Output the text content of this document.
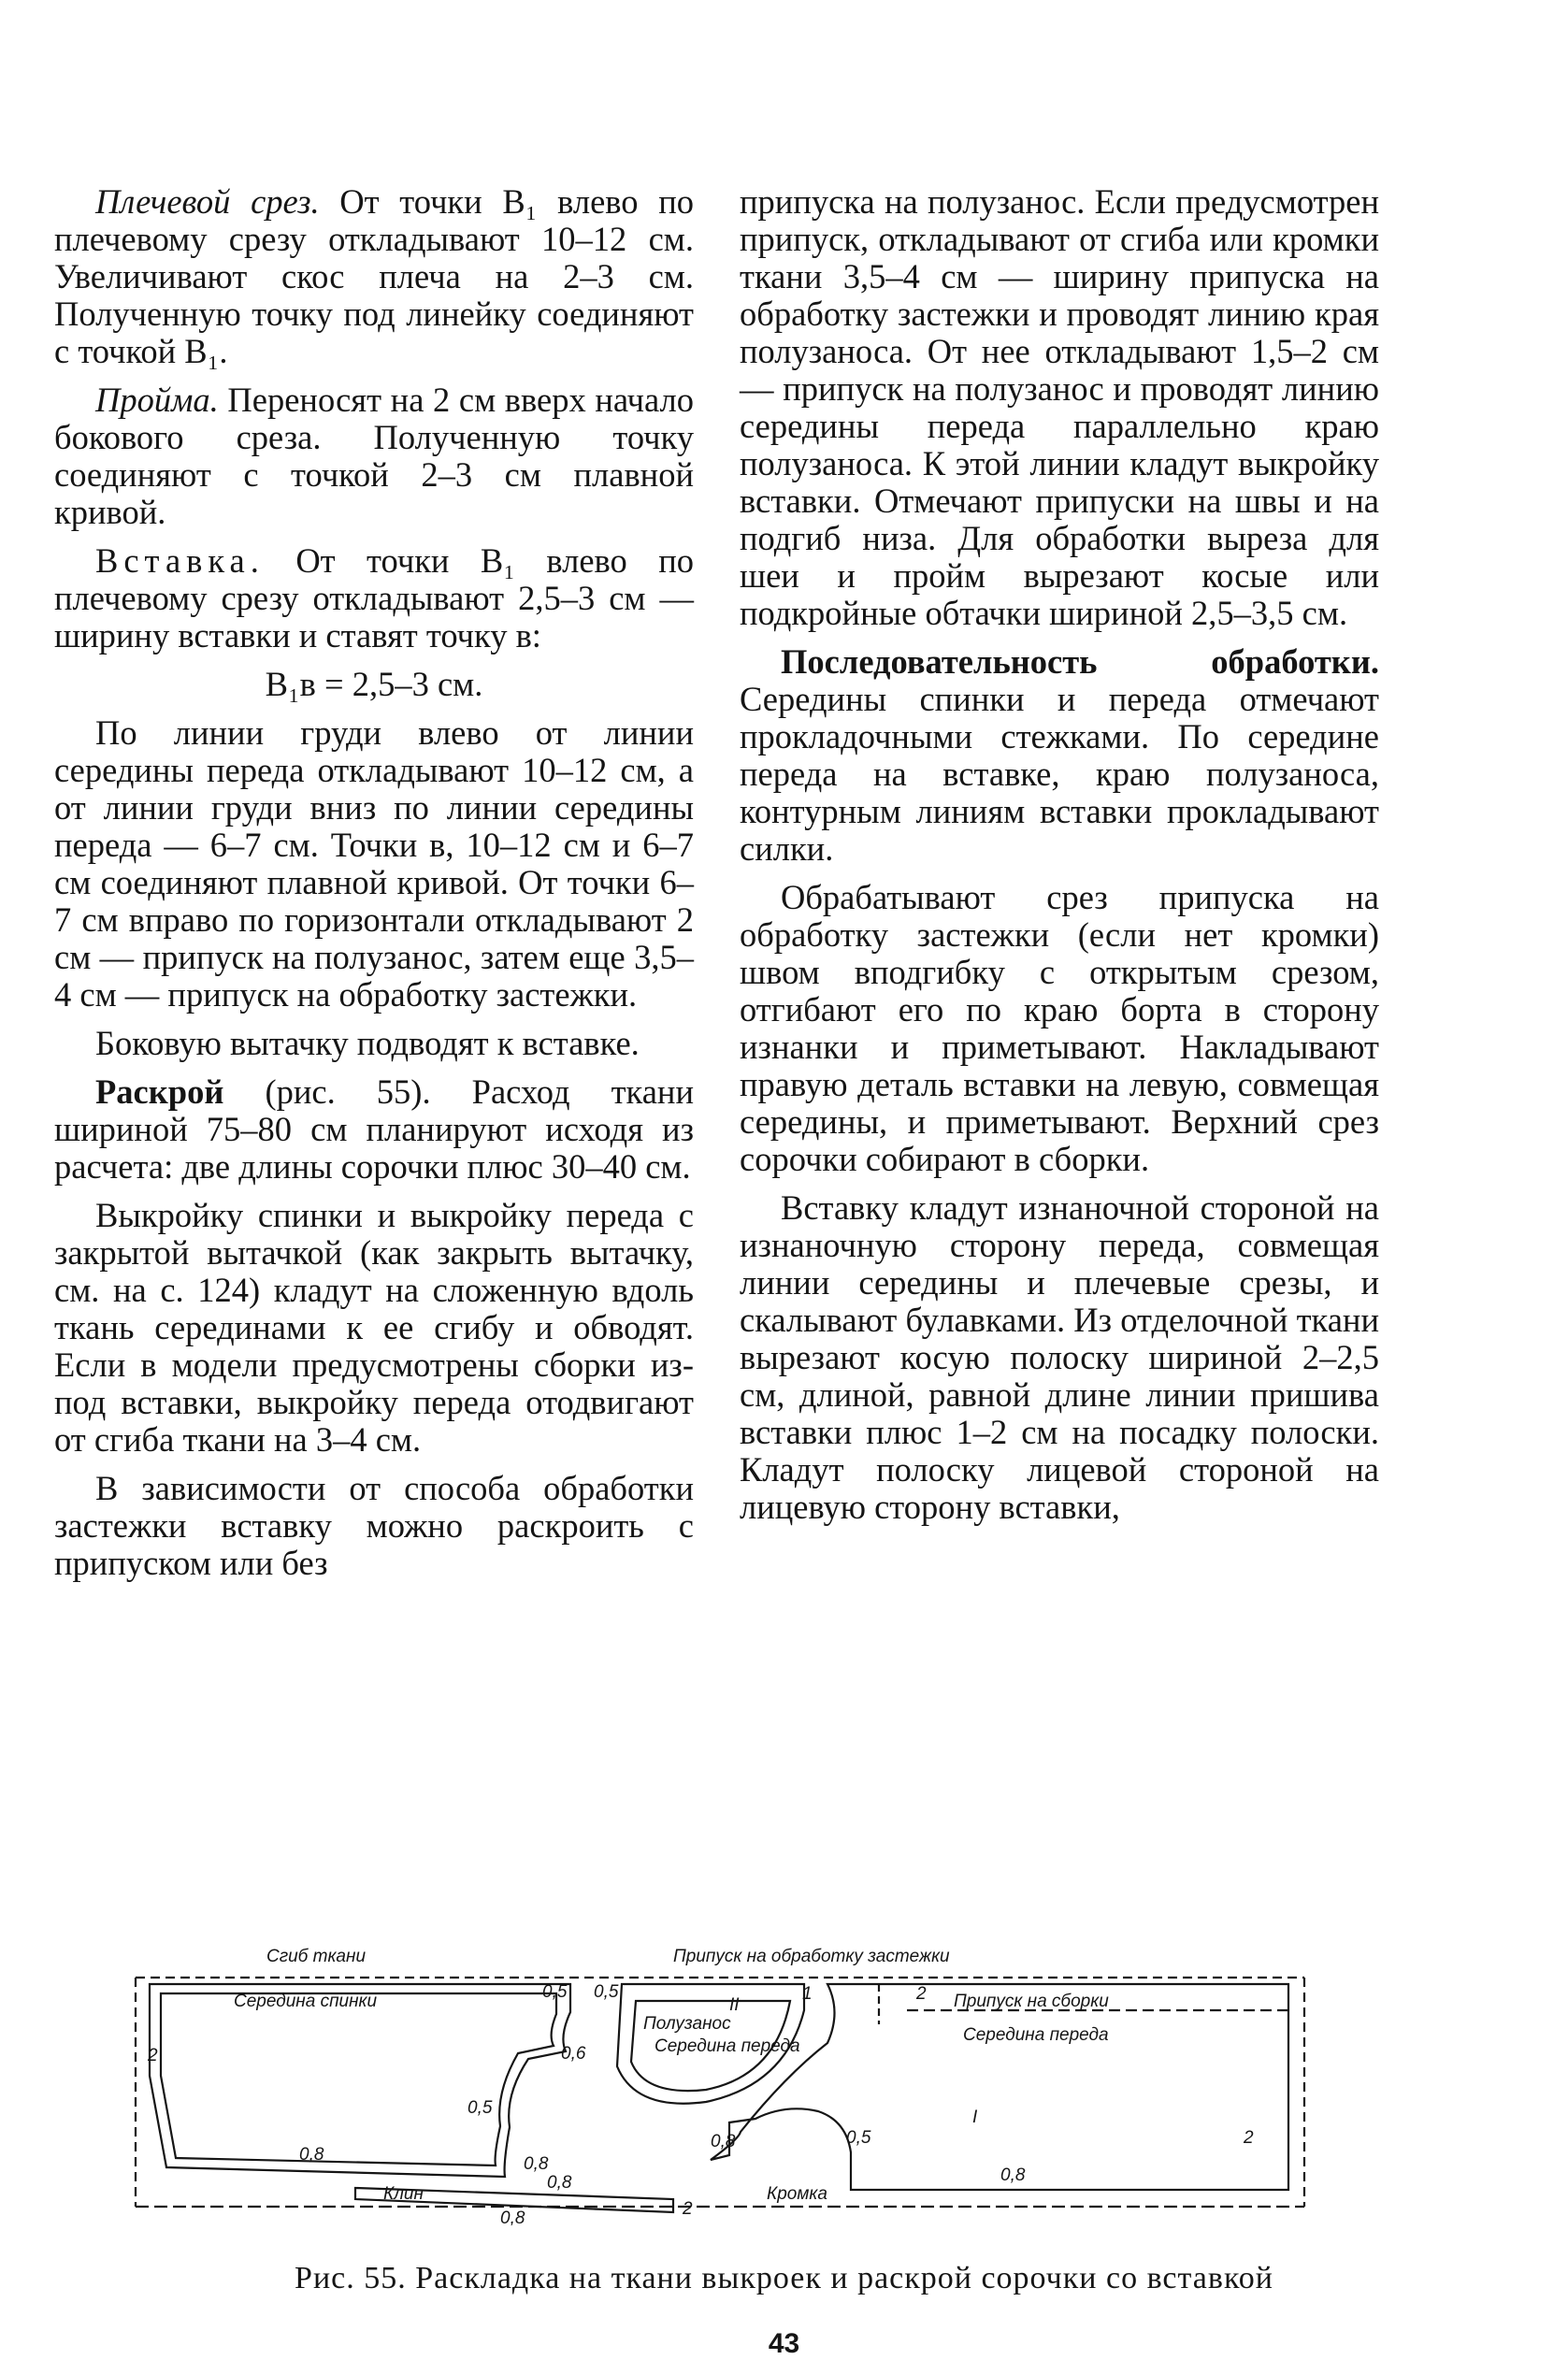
Плечевой срез. От точки В₁ влево по плечевому срезу откладывают 10–12 см. Увеличивают скос плеча на 2–3 см. Полученную точку под линейку соединяют с точкой В₁.

Пройма. Переносят на 2 см вверх начало бокового среза. Полученную точку соединяют с точкой 2–3 см плавной кривой.

Вставка. От точки В₁ влево по плечевому срезу откладывают 2,5–3 см — ширину вставки и ставят точку в:

В₁в = 2,5–3 см.

По линии груди влево от линии середины переда откладывают 10–12 см, а от линии груди вниз по линии середины переда — 6–7 см. Точки в, 10–12 см и 6–7 см соединяют плавной кривой. От точки 6–7 см вправо по горизонтали откладывают 2 см — припуск на полузанос, затем еще 3,5–4 см — припуск на обработку застежки.

Боковую вытачку подводят к вставке.

Раскрой (рис. 55). Расход ткани шириной 75–80 см планируют исходя из расчета: две длины сорочки плюс 30–40 см.

Выкройку спинки и выкройку переда с закрытой вытачкой (как закрыть вытачку, см. на с. 124) кладут на сложенную вдоль ткань серединами к ее сгибу и обводят. Если в модели предусмотрены сборки из-под вставки, выкройку переда отодвигают от сгиба ткани на 3–4 см.

В зависимости от способа обработки застежки вставку можно раскроить с припуском или без

припуска на полузанос. Если предусмотрен припуск, откладывают от сгиба или кромки ткани 3,5–4 см — ширину припуска на обработку застежки и проводят линию края полузаноса. От нее откладывают 1,5–2 см — припуск на полузанос и проводят линию середины переда параллельно краю полузаноса. К этой линии кладут выкройку вставки. Отмечают припуски на швы и на подгиб низа. Для обработки выреза для шеи и пройм вырезают косые или подкройные обтачки шириной 2,5–3,5 см.

Последовательность обработки. Середины спинки и переда отмечают прокладочными стежками. По середине переда на вставке, краю полузаноса, контурным линиям вставки прокладывают силки.

Обрабатывают срез припуска на обработку застежки (если нет кромки) швом вподгибку с открытым срезом, отгибают его по краю борта в сторону изнанки и приметывают. Накладывают правую деталь вставки на левую, совмещая середины, и приметывают. Верхний срез сорочки собирают в сборки.

Вставку кладут изнаночной стороной на изнаночную сторону переда, совмещая линии середины и плечевые срезы, и скалывают булавками. Из отделочной ткани вырезают косую полоску шириной 2–2,5 см, длиной, равной длине линии пришива вставки плюс 1–2 см на посадку полоски. Кладут полоску лицевой стороной на лицевую сторону вставки,

Сгиб ткани	Припуск на обработку застежки
Середина спинки	Припуск на сборки
Середина переда
Полузанос
Середина переда
II
I
Клин	Кромка
0,5 0,5
0,5
0,5
0,6
0,8	0,8
0,8
0,8
0,8
0,8
1
2
2
2
2
Рис. 55. Раскладка на ткани выкроек и раскрой сорочки со вставкой
43
